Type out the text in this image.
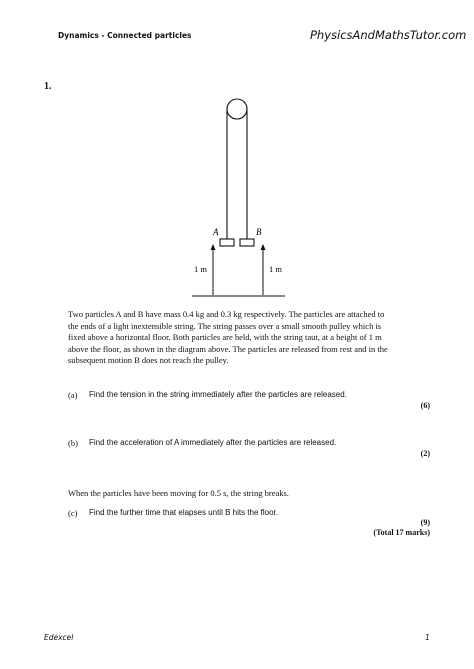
Dynamics - Connected particles	PhysicsAndMathsTutor.com
1.
A	B
1 m	1 m
Two particles A and B have mass 0.4 kg and 0.3 kg respectively. The particles are attached to
the ends of a light inextensible string. The string passes over a small smooth pulley which is
fixed above a horizontal floor. Both particles are held, with the string taut, at a height of 1 m
above the floor, as shown in the diagram above. The particles are released from rest and in the
subsequent motion B does not reach the pulley.
(a) Find the tension in the string immediately after the particles are released.
(6)
(b) Find the acceleration of A immediately after the particles are released.
(2)
When the particles have been moving for 0.5 s, the string breaks.
(c) Find the further time that elapses until B hits the floor.
(9)
(Total 17 marks)
Edexcel	1
